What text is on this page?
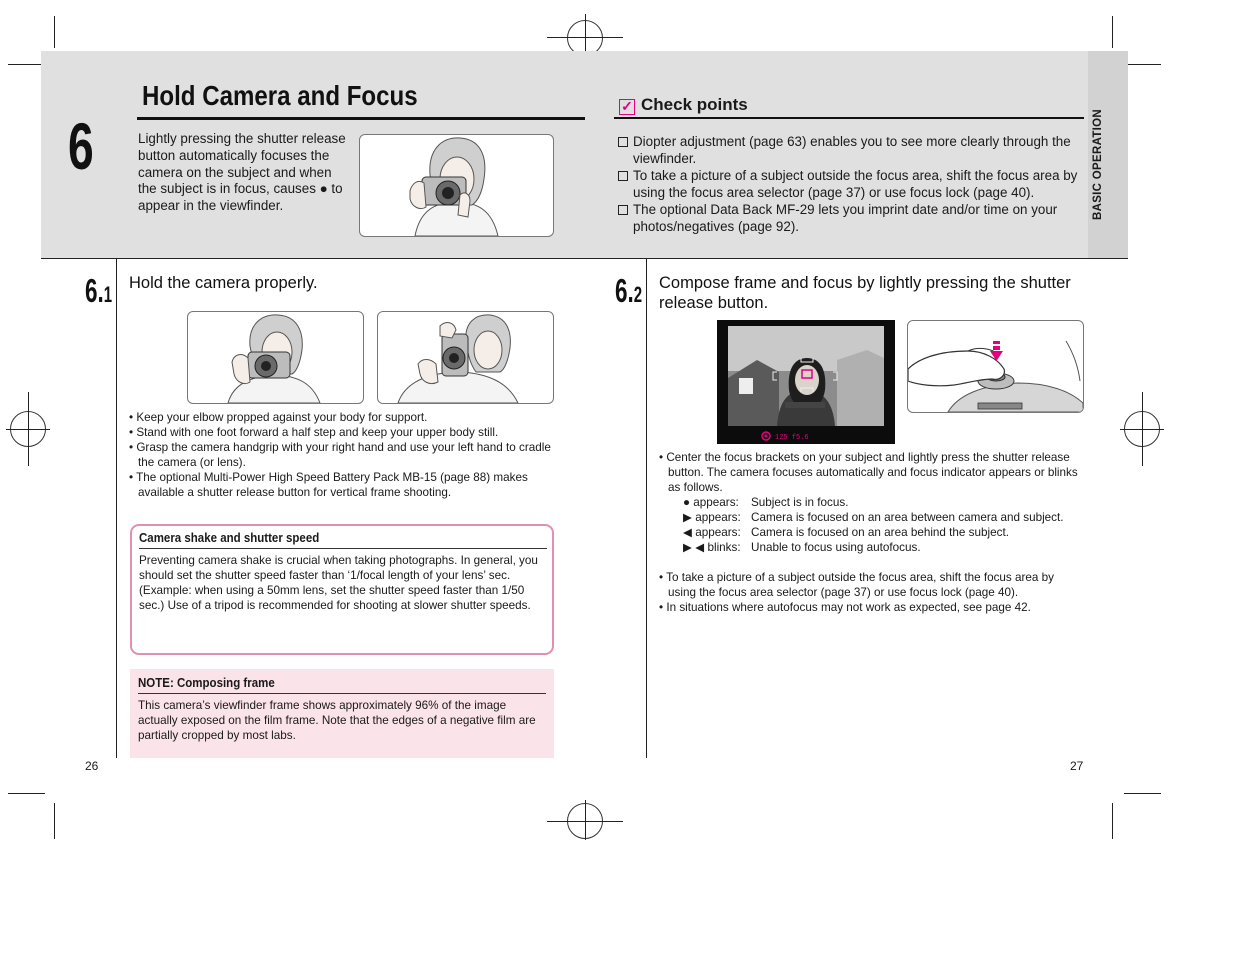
BASIC OPERATION
6
Hold Camera and Focus
Lightly pressing the shutter release button automatically focuses the camera on the subject and when the subject is in focus, causes ● to appear in the viewfinder.
✓ Check points

Diopter adjustment (page 63) enables you to see more clearly through the viewfinder.

To take a picture of a subject outside the focus area, shift the focus area by using the focus area selector (page 37) or use focus lock (page 40).

The optional Data Back MF-29 lets you imprint date and/or time on your photos/negatives (page 92).

6.1 Hold the camera properly.

• Keep your elbow propped against your body for support.

• Stand with one foot forward a half step and keep your upper body still.

• Grasp the camera handgrip with your right hand and use your left hand to cradle the camera (or lens).

• The optional Multi-Power High Speed Battery Pack MB-15 (page 88) makes available a shutter release button for vertical frame shooting.

Camera shake and shutter speed
Preventing camera shake is crucial when taking photographs. In general, you should set the shutter speed faster than ‘1/focal length of your lens’ sec. (Example: when using a 50mm lens, set the shutter speed faster than 1/50 sec.) Use of a tripod is recommended for shooting at slower shutter speeds.
NOTE: Composing frame
This camera’s viewfinder frame shows approximately 96% of the image actually exposed on the film frame. Note that the edges of a negative film are partially cropped by most labs.
6.2 Compose frame and focus by lightly pressing the shutter release button.
125 f5.6

• Center the focus brackets on your subject and lightly press the shutter release button. The camera focuses automatically and focus indicator appears or blinks as follows.

● appears:	Subject is in focus.
▶ appears: Camera is focused on an area between camera and subject.
◀ appears: Camera is focused on an area behind the subject.
▶ ◀ blinks: Unable to focus using autofocus.

• To take a picture of a subject outside the focus area, shift the focus area by using the focus area selector (page 37) or use focus lock (page 40).

• In situations where autofocus may not work as expected, see page 42.

26	27
